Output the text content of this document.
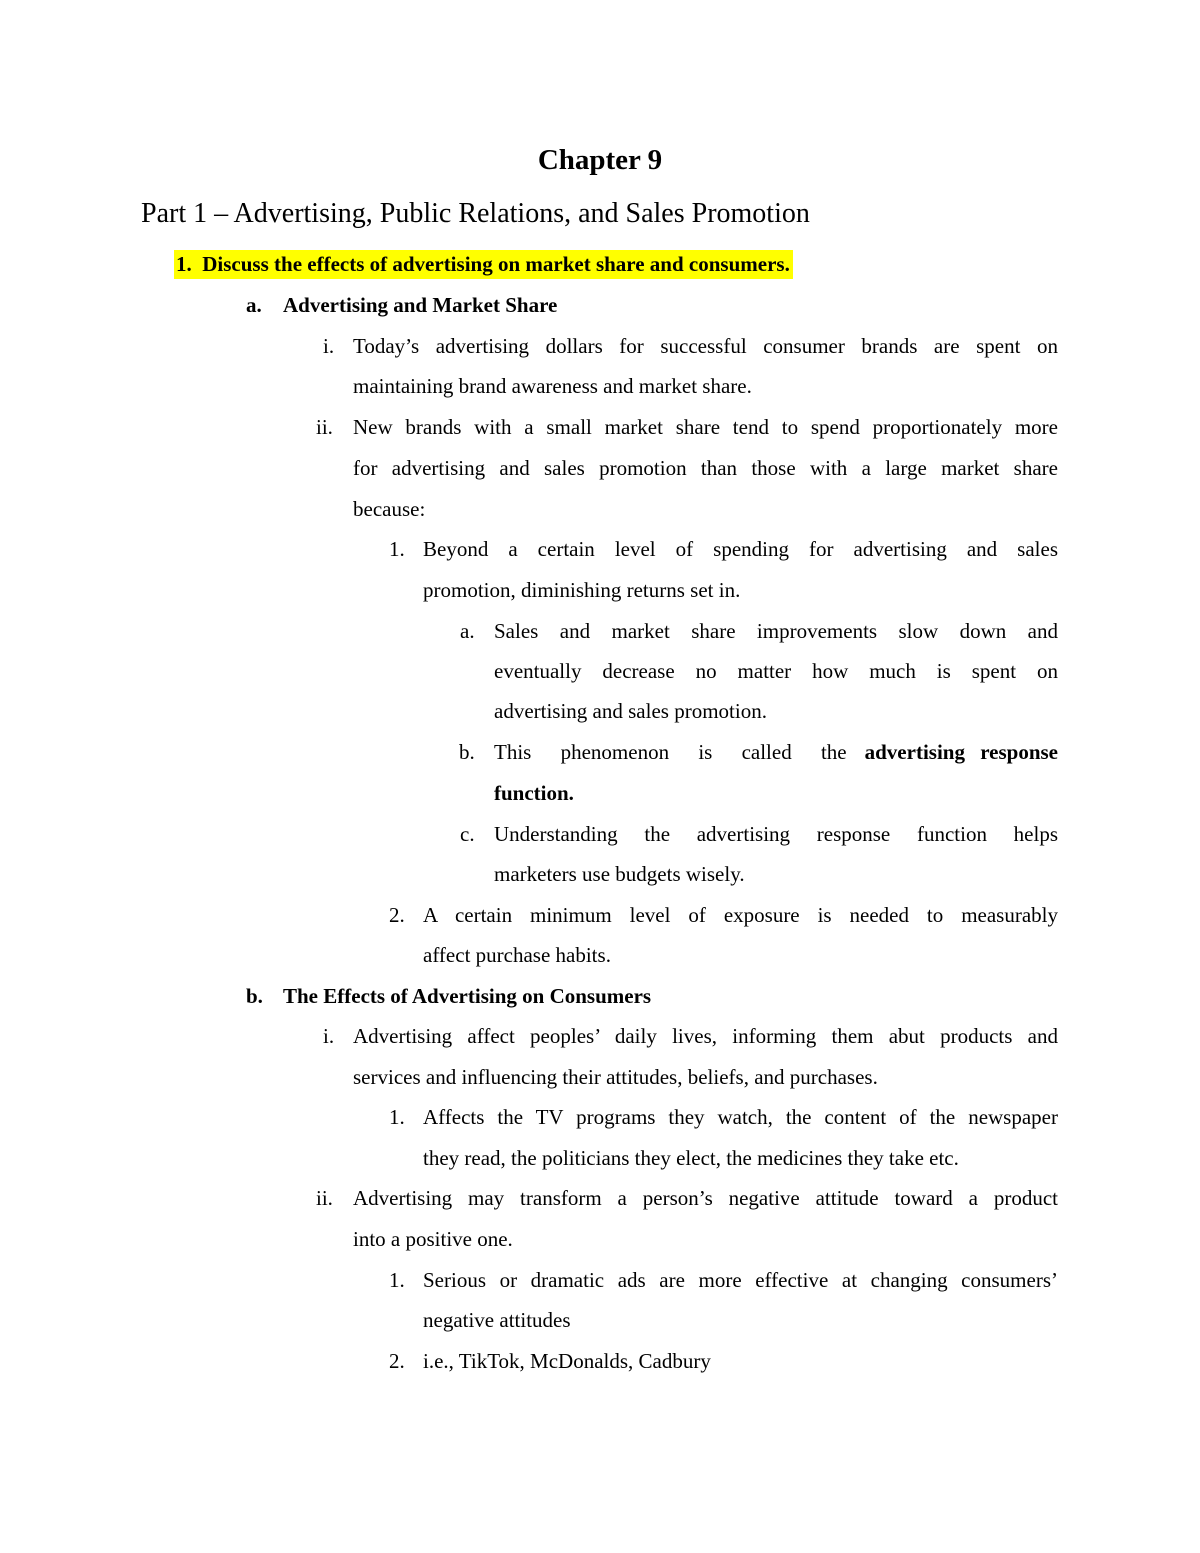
Chapter 9
Part 1 – Advertising, Public Relations, and Sales Promotion
1. Discuss the effects of advertising on market share and consumers.
a. Advertising and Market Share
i. Today’s advertising dollars for successful consumer brands are spent on
maintaining brand awareness and market share.
ii. New brands with a small market share tend to spend proportionately more
for advertising and sales promotion than those with a large market share
because:
1. Beyond a certain level of spending for advertising and sales
promotion, diminishing returns set in.
a. Sales and market share improvements slow down and
eventually decrease no matter how much is spent on
advertising and sales promotion.
b. This phenomenon is called the advertising response
function.
c. Understanding the advertising response function helps
marketers use budgets wisely.
2. A certain minimum level of exposure is needed to measurably
affect purchase habits.
b. The Effects of Advertising on Consumers
i. Advertising affect peoples’ daily lives, informing them abut products and
services and influencing their attitudes, beliefs, and purchases.
1. Affects the TV programs they watch, the content of the newspaper
they read, the politicians they elect, the medicines they take etc.
ii. Advertising may transform a person’s negative attitude toward a product
into a positive one.
1. Serious or dramatic ads are more effective at changing consumers’
negative attitudes
2. i.e., TikTok, McDonalds, Cadbury
